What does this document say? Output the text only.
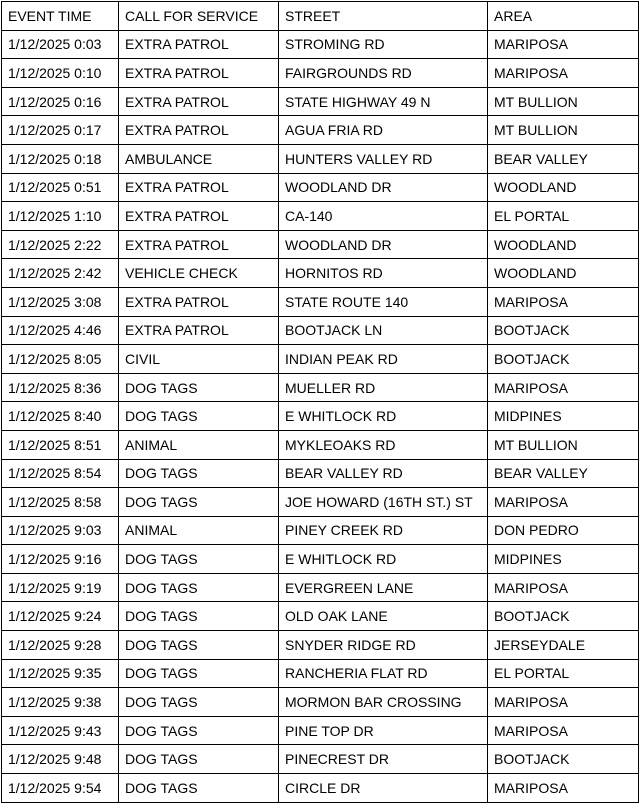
EVENT TIME	CALL FOR SERVICE	STREET	AREA
1/12/2025 0:03	EXTRA PATROL	STROMING RD	MARIPOSA
1/12/2025 0:10	EXTRA PATROL	FAIRGROUNDS RD	MARIPOSA
1/12/2025 0:16	EXTRA PATROL	STATE HIGHWAY 49 N	MT BULLION
1/12/2025 0:17	EXTRA PATROL	AGUA FRIA RD	MT BULLION
1/12/2025 0:18	AMBULANCE	HUNTERS VALLEY RD	BEAR VALLEY
1/12/2025 0:51	EXTRA PATROL	WOODLAND DR	WOODLAND
1/12/2025 1:10	EXTRA PATROL	CA-140	EL PORTAL
1/12/2025 2:22	EXTRA PATROL	WOODLAND DR	WOODLAND
1/12/2025 2:42	VEHICLE CHECK	HORNITOS RD	WOODLAND
1/12/2025 3:08	EXTRA PATROL	STATE ROUTE 140	MARIPOSA
1/12/2025 4:46	EXTRA PATROL	BOOTJACK LN	BOOTJACK
1/12/2025 8:05	CIVIL	INDIAN PEAK RD	BOOTJACK
1/12/2025 8:36	DOG TAGS	MUELLER RD	MARIPOSA
1/12/2025 8:40	DOG TAGS	E WHITLOCK RD	MIDPINES
1/12/2025 8:51	ANIMAL	MYKLEOAKS RD	MT BULLION
1/12/2025 8:54	DOG TAGS	BEAR VALLEY RD	BEAR VALLEY
1/12/2025 8:58	DOG TAGS	JOE HOWARD (16TH ST.) ST	MARIPOSA
1/12/2025 9:03	ANIMAL	PINEY CREEK RD	DON PEDRO
1/12/2025 9:16	DOG TAGS	E WHITLOCK RD	MIDPINES
1/12/2025 9:19	DOG TAGS	EVERGREEN LANE	MARIPOSA
1/12/2025 9:24	DOG TAGS	OLD OAK LANE	BOOTJACK
1/12/2025 9:28	DOG TAGS	SNYDER RIDGE RD	JERSEYDALE
1/12/2025 9:35	DOG TAGS	RANCHERIA FLAT RD	EL PORTAL
1/12/2025 9:38	DOG TAGS	MORMON BAR CROSSING	MARIPOSA
1/12/2025 9:43	DOG TAGS	PINE TOP DR	MARIPOSA
1/12/2025 9:48	DOG TAGS	PINECREST DR	BOOTJACK
1/12/2025 9:54	DOG TAGS	CIRCLE DR	MARIPOSA
